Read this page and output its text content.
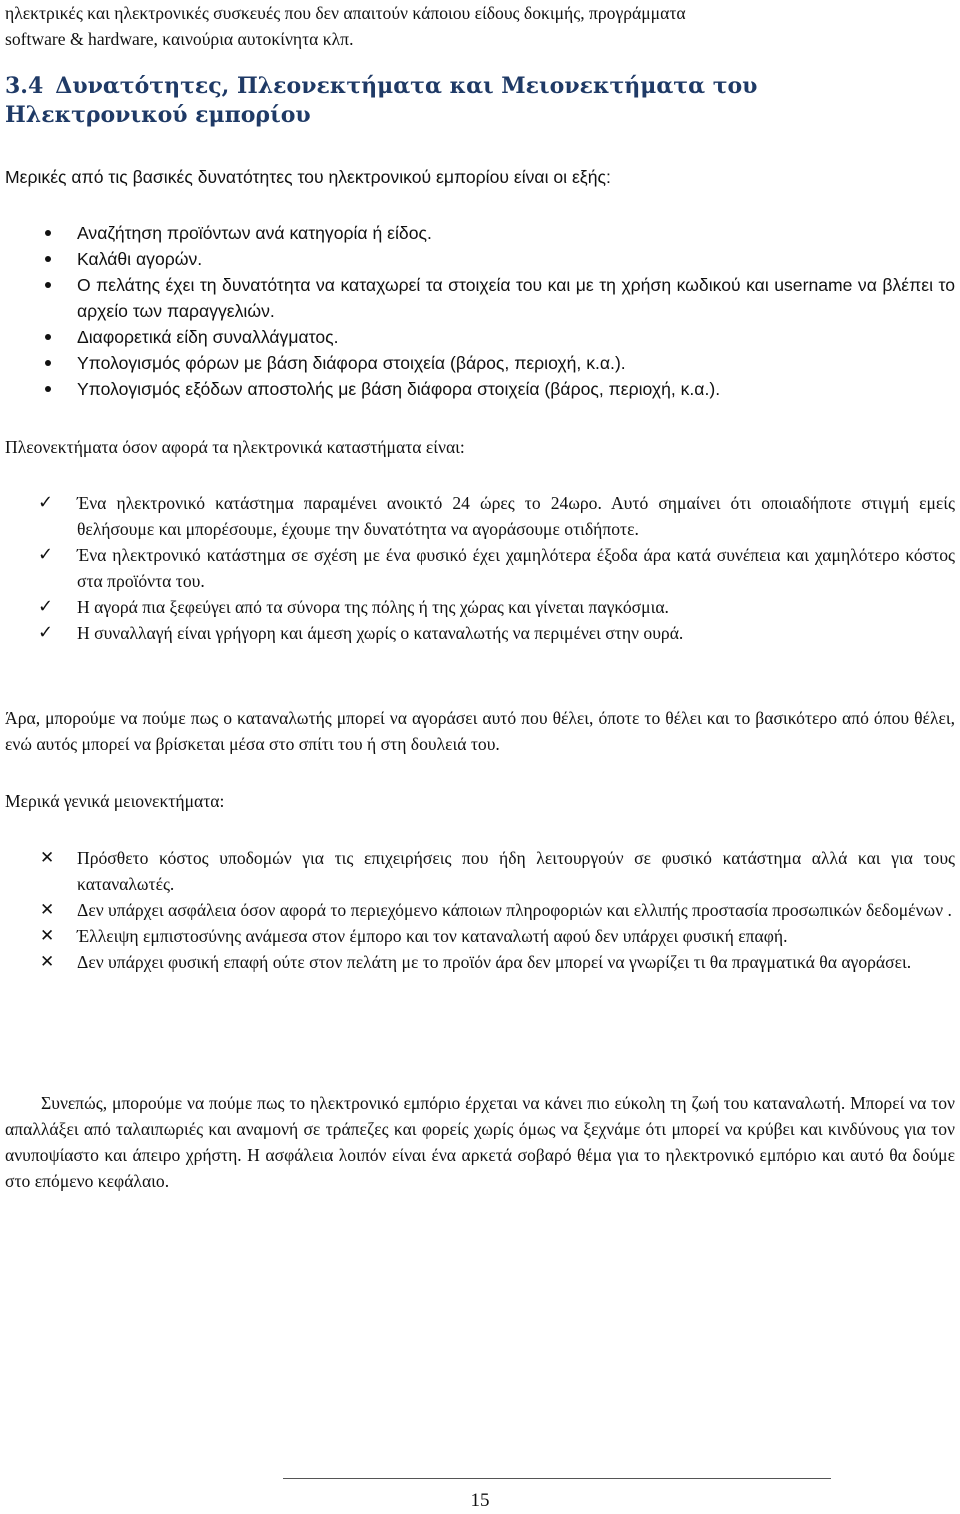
ηλεκτρικές και ηλεκτρονικές συσκευές που δεν απαιτούν κάποιου είδους δοκιμής, προγράμματα
software & hardware, καινούρια αυτοκίνητα κλπ.
3.4 Δυνατότητες, Πλεονεκτήματα και Μειονεκτήματα του Ηλεκτρονικού εμπορίου
Μερικές από τις βασικές δυνατότητες του ηλεκτρονικού εμπορίου είναι οι εξής:
Αναζήτηση προϊόντων ανά κατηγορία ή είδος.
Καλάθι αγορών.
Ο πελάτης έχει τη δυνατότητα να καταχωρεί τα στοιχεία του και με τη χρήση κωδικού και username να βλέπει το αρχείο των παραγγελιών.
Διαφορετικά είδη συναλλάγματος.
Υπολογισμός φόρων με βάση διάφορα στοιχεία (βάρος, περιοχή, κ.α.).
Υπολογισμός εξόδων αποστολής με βάση διάφορα στοιχεία (βάρος, περιοχή, κ.α.).
Πλεονεκτήματα όσον αφορά τα ηλεκτρονικά καταστήματα είναι:
✓ Ένα ηλεκτρονικό κατάστημα παραμένει ανοικτό 24 ώρες το 24ωρο. Αυτό σημαίνει ότι οποιαδήποτε στιγμή εμείς θελήσουμε και μπορέσουμε, έχουμε την δυνατότητα να αγοράσουμε οτιδήποτε.
✓ Ένα ηλεκτρονικό κατάστημα σε σχέση με ένα φυσικό έχει χαμηλότερα έξοδα άρα κατά συνέπεια και χαμηλότερο κόστος στα προϊόντα του.
✓ Η αγορά πια ξεφεύγει από τα σύνορα της πόλης ή της χώρας και γίνεται παγκόσμια.
✓ Η συναλλαγή είναι γρήγορη και άμεση χωρίς ο καταναλωτής να περιμένει στην ουρά.
Άρα, μπορούμε να πούμε πως ο καταναλωτής μπορεί να αγοράσει αυτό που θέλει, όποτε το θέλει και το βασικότερο από όπου θέλει, ενώ αυτός μπορεί να βρίσκεται μέσα στο σπίτι του ή στη δουλειά του.
Μερικά γενικά μειονεκτήματα:
✕ Πρόσθετο κόστος υποδομών για τις επιχειρήσεις που ήδη λειτουργούν σε φυσικό κατάστημα αλλά και για τους καταναλωτές.
✕ Δεν υπάρχει ασφάλεια όσον αφορά το περιεχόμενο κάποιων πληροφοριών και ελλιπής προστασία προσωπικών δεδομένων .
✕ Έλλειψη εμπιστοσύνης ανάμεσα στον έμπορο και τον καταναλωτή αφού δεν υπάρχει φυσική επαφή.
✕ Δεν υπάρχει φυσική επαφή ούτε στον πελάτη με το προϊόν άρα δεν μπορεί να γνωρίζει τι θα πραγματικά θα αγοράσει.
Συνεπώς, μπορούμε να πούμε πως το ηλεκτρονικό εμπόριο έρχεται να κάνει πιο εύκολη τη ζωή του καταναλωτή. Μπορεί να τον απαλλάξει από ταλαιπωριές και αναμονή σε τράπεζες και φορείς χωρίς όμως να ξεχνάμε ότι μπορεί να κρύβει και κινδύνους για τον ανυποψίαστο και άπειρο χρήστη. Η ασφάλεια λοιπόν είναι ένα αρκετά σοβαρό θέμα για το ηλεκτρονικό εμπόριο και αυτό θα δούμε στο επόμενο κεφάλαιο.
15
